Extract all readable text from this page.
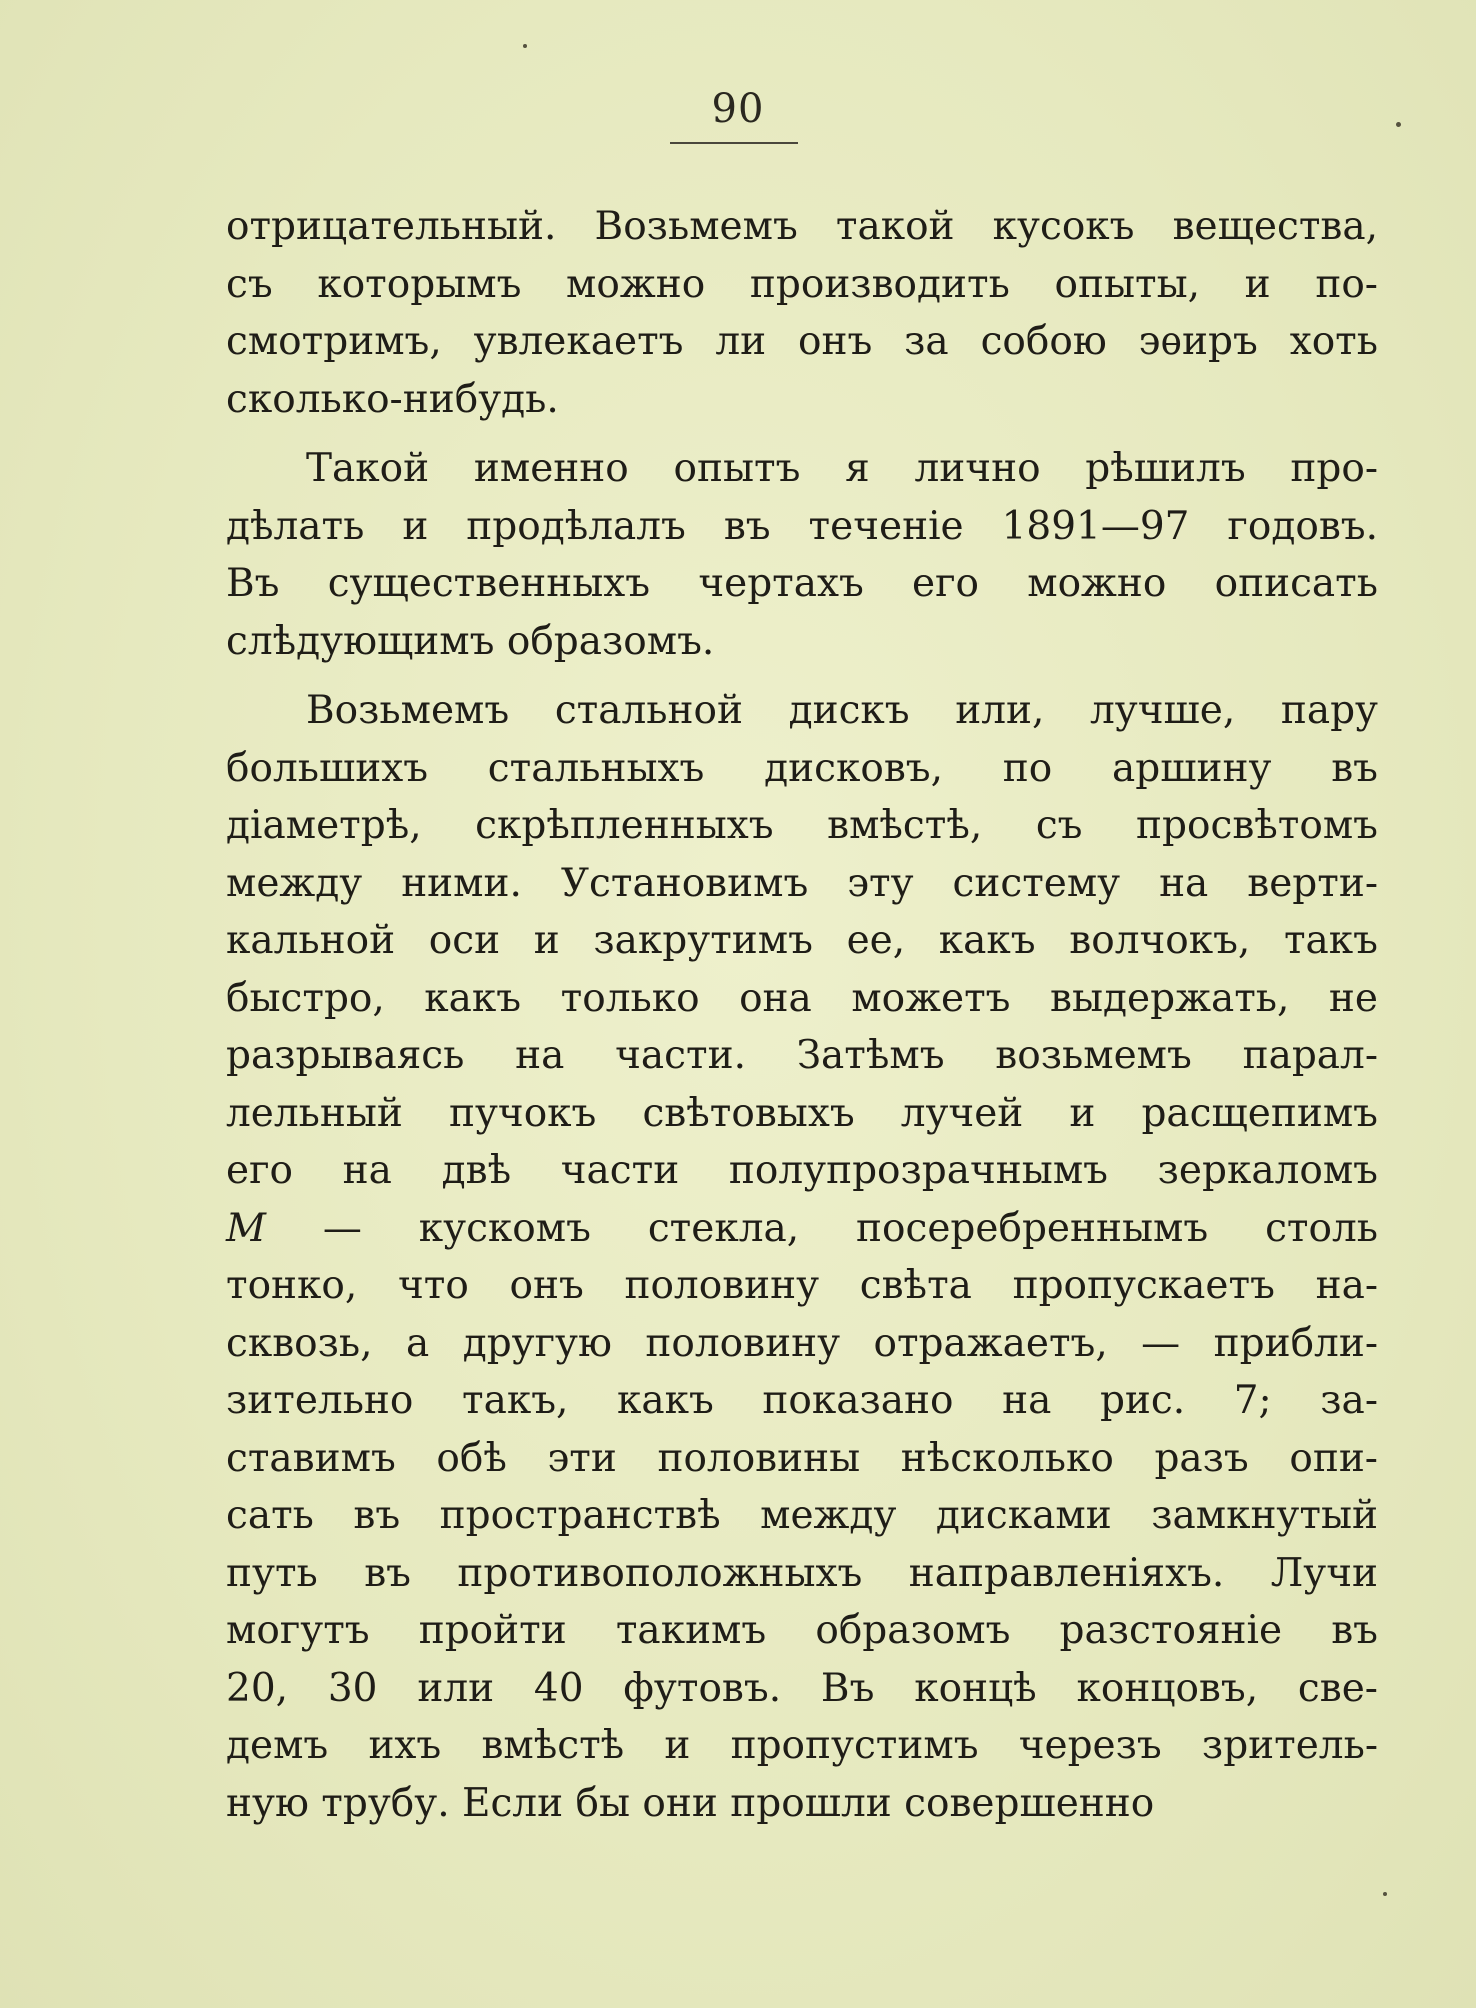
90
отрицательный. Возьмемъ такой кусокъ вещества,
съ которымъ можно производить опыты, и по-
смотримъ, увлекаетъ ли онъ за собою эѳиръ хоть
сколько-нибудь.
Такой именно опытъ я лично рѣшилъ про-
дѣлать и продѣлалъ въ теченіе 1891—97 годовъ.
Въ существенныхъ чертахъ его можно описать
слѣдующимъ образомъ.
Возьмемъ стальной дискъ или, лучше, пару
большихъ стальныхъ дисковъ, по аршину въ
діаметрѣ, скрѣпленныхъ вмѣстѣ, съ просвѣтомъ
между ними. Установимъ эту систему на верти-
кальной оси и закрутимъ ее, какъ волчокъ, такъ
быстро, какъ только она можетъ выдержать, не
разрываясь на части. Затѣмъ возьмемъ парал-
лельный пучокъ свѣтовыхъ лучей и расщепимъ
его на двѣ части полупрозрачнымъ зеркаломъ
M — кускомъ стекла, посеребреннымъ столь
тонко, что онъ половину свѣта пропускаетъ на-
сквозь, а другую половину отражаетъ, — прибли-
зительно такъ, какъ показано на рис. 7; за-
ставимъ обѣ эти половины нѣсколько разъ опи-
сать въ пространствѣ между дисками замкнутый
путь въ противоположныхъ направленіяхъ. Лучи
могутъ пройти такимъ образомъ разстояніе въ
20, 30 или 40 футовъ. Въ концѣ концовъ, све-
демъ ихъ вмѣстѣ и пропустимъ черезъ зритель-
ную трубу. Если бы они прошли совершенно
